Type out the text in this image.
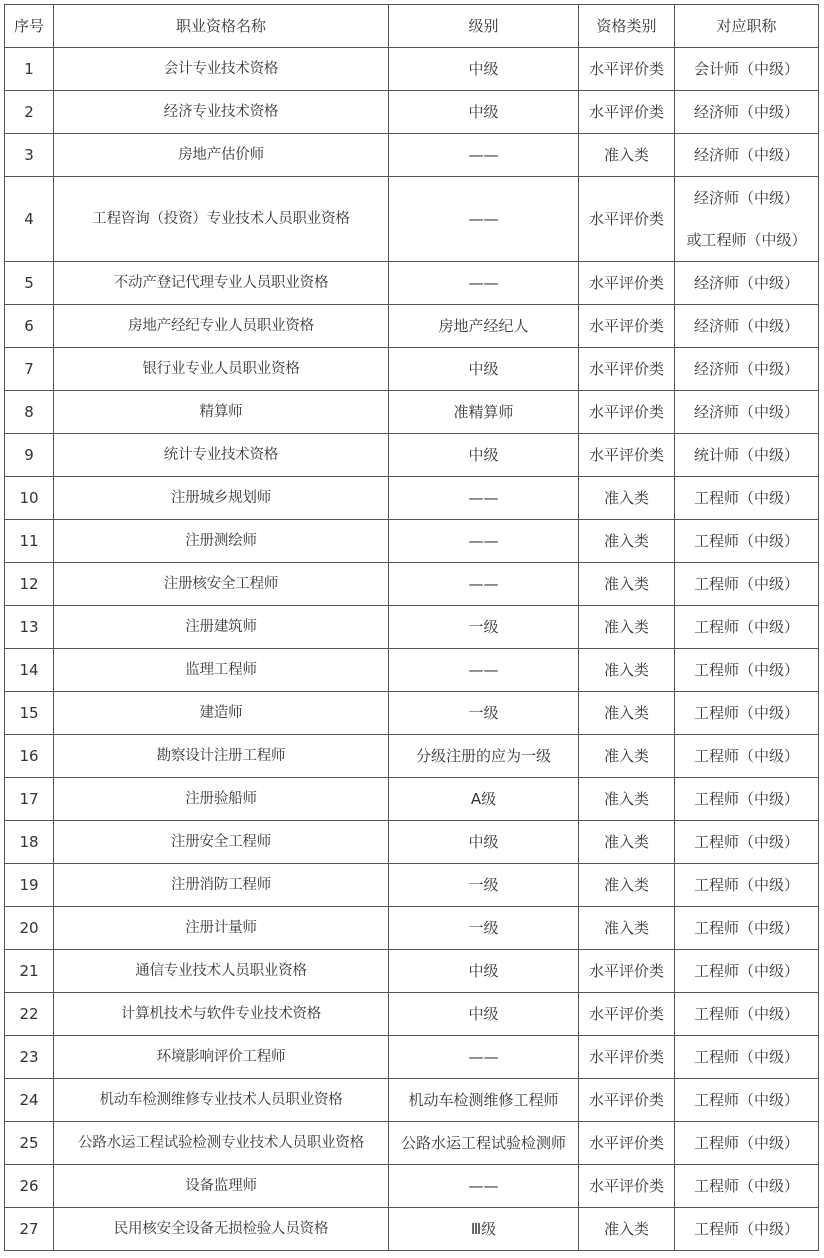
序号	职业资格名称	级别	资格类别	对应职称
1	会计专业技术资格	中级	水平评价类	会计师（中级）

2	经济专业技术资格	中级	水平评价类	经济师（中级）

3	房地产估价师	——	准入类	经济师（中级）

4	工程咨询（投资）专业技术人员职业资格	——	水平评价类	经济师（中级）
或工程师（中级）

5	不动产登记代理专业人员职业资格	——	水平评价类	经济师（中级）

6	房地产经纪专业人员职业资格	房地产经纪人	水平评价类	经济师（中级）

7	银行业专业人员职业资格	中级	水平评价类	经济师（中级）

8	精算师	准精算师	水平评价类	经济师（中级）

9	统计专业技术资格	中级	水平评价类	统计师（中级）

10	注册城乡规划师	——	准入类	工程师（中级）

11	注册测绘师	——	准入类	工程师（中级）

12	注册核安全工程师	——	准入类	工程师（中级）

13	注册建筑师	一级	准入类	工程师（中级）

14	监理工程师	——	准入类	工程师（中级）

15	建造师	一级	准入类	工程师（中级）

16	勘察设计注册工程师	分级注册的应为一级	准入类	工程师（中级）

17	注册验船师	A级	准入类	工程师（中级）

18	注册安全工程师	中级	准入类	工程师（中级）

19	注册消防工程师	一级	准入类	工程师（中级）

20	注册计量师	一级	准入类	工程师（中级）

21	通信专业技术人员职业资格	中级	水平评价类	工程师（中级）

22	计算机技术与软件专业技术资格	中级	水平评价类	工程师（中级）

23	环境影响评价工程师	——	水平评价类	工程师（中级）

24	机动车检测维修专业技术人员职业资格	机动车检测维修工程师	水平评价类	工程师（中级）

25	公路水运工程试验检测专业技术人员职业资格	公路水运工程试验检测师	水平评价类	工程师（中级）

26	设备监理师	——	水平评价类	工程师（中级）

27	民用核安全设备无损检验人员资格	Ⅲ级	准入类	工程师（中级）
